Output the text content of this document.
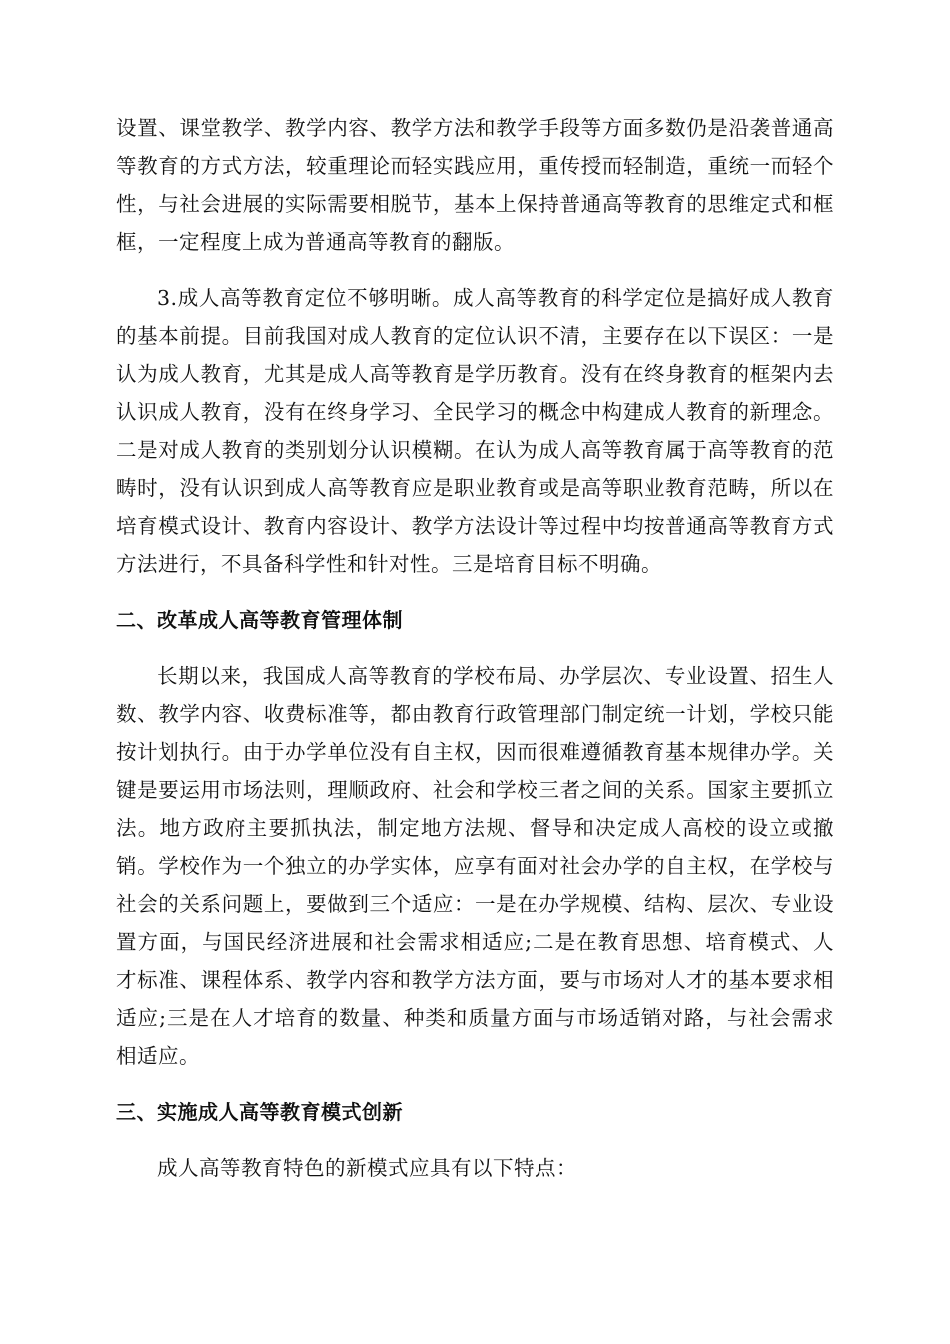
设置、课堂教学、教学内容、教学方法和教学手段等方面多数仍是沿袭普通高等教育的方式方法，较重理论而轻实践应用，重传授而轻制造，重统一而轻个性，与社会进展的实际需要相脱节，基本上保持普通高等教育的思维定式和框框，一定程度上成为普通高等教育的翻版。

3.成人高等教育定位不够明晰。成人高等教育的科学定位是搞好成人教育的基本前提。目前我国对成人教育的定位认识不清，主要存在以下误区：一是认为成人教育，尤其是成人高等教育是学历教育。没有在终身教育的框架内去认识成人教育，没有在终身学习、全民学习的概念中构建成人教育的新理念。二是对成人教育的类别划分认识模糊。在认为成人高等教育属于高等教育的范畴时，没有认识到成人高等教育应是职业教育或是高等职业教育范畴，所以在培育模式设计、教育内容设计、教学方法设计等过程中均按普通高等教育方式方法进行，不具备科学性和针对性。三是培育目标不明确。

二、改革成人高等教育管理体制

长期以来，我国成人高等教育的学校布局、办学层次、专业设置、招生人数、教学内容、收费标准等，都由教育行政管理部门制定统一计划，学校只能按计划执行。由于办学单位没有自主权，因而很难遵循教育基本规律办学。关键是要运用市场法则，理顺政府、社会和学校三者之间的关系。国家主要抓立法。地方政府主要抓执法，制定地方法规、督导和决定成人高校的设立或撤销。学校作为一个独立的办学实体，应享有面对社会办学的自主权，在学校与社会的关系问题上，要做到三个适应：一是在办学规模、结构、层次、专业设置方面，与国民经济进展和社会需求相适应;二是在教育思想、培育模式、人才标准、课程体系、教学内容和教学方法方面，要与市场对人才的基本要求相适应;三是在人才培育的数量、种类和质量方面与市场适销对路，与社会需求相适应。

三、实施成人高等教育模式创新

成人高等教育特色的新模式应具有以下特点：
